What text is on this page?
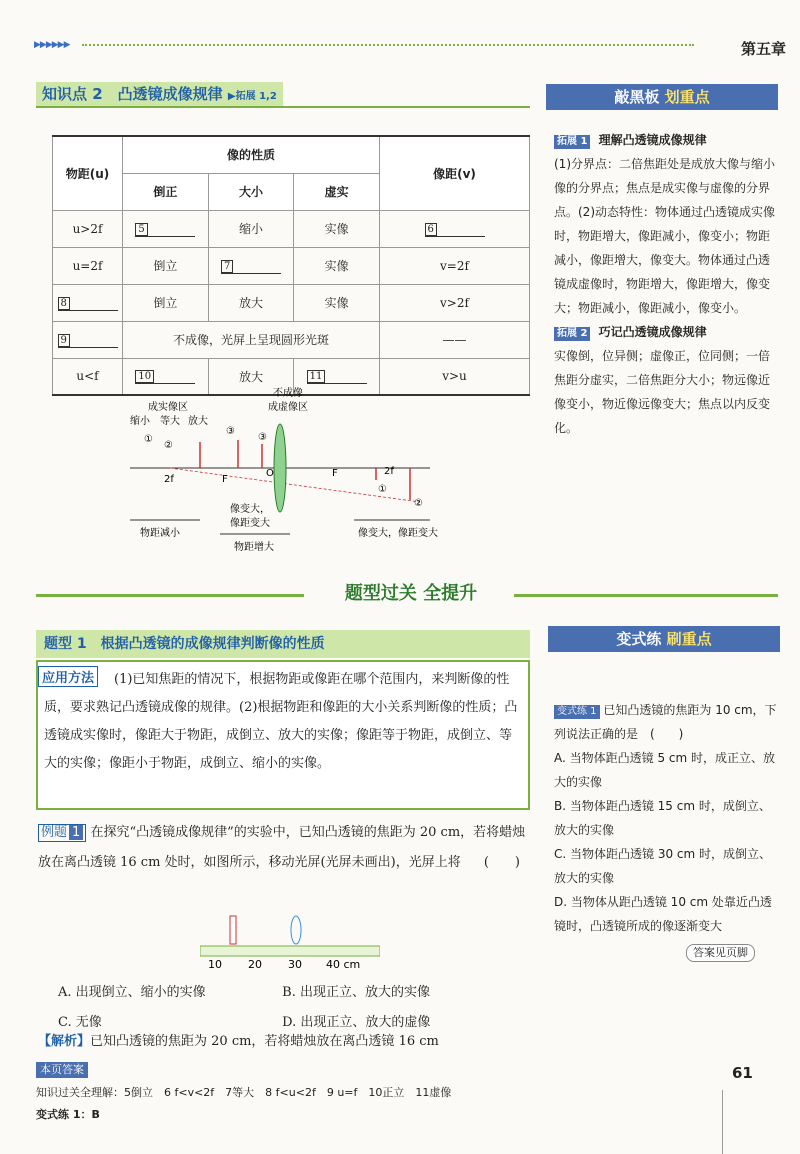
▶▶▶▶▶▶	第五章
知识点 2　凸透镜成像规律 ▶拓展 1,2
物距(u)	像的性质			像距(v)
	倒正	大小	虚实	
u>2f	5	缩小	实像	6
u=2f	倒立	7	实像	v=2f
8	倒立	放大	实像	v>2f
9	不成像，光屏上呈现圆形光斑			——
u<f	10	放大	11	v>u
不成像
成实像区	成虚像区
缩小 等大 放大
①
②
③
③
2f	F
O	F	2f
①
②
物距减小
像变大，
像距变大
物距增大
像变大，像距变大
敲黑板 划重点
拓展 1 理解凸透镜成像规律
(1)分界点：二倍焦距处是成放大像与缩小像的分界点；焦点是成实像与虚像的分界点。(2)动态特性：物体通过凸透镜成实像时，物距增大，像距减小，像变小；物距减小，像距增大，像变大。物体通过凸透镜成虚像时，物距增大，像距增大，像变大；物距减小，像距减小，像变小。
拓展 2 巧记凸透镜成像规律
实像倒，位异侧；虚像正，位同侧；一倍焦距分虚实，二倍焦距分大小；物远像近像变小，物近像远像变大；焦点以内反变化。
题型过关 全提升
题型 1　根据凸透镜的成像规律判断像的性质
(1)已知焦距的情况下，根据物距或像距在哪个范围内，来判断像的性质，要求熟记凸透镜成像的规律。(2)根据物距和像距的大小关系判断像的性质；凸透镜成实像时，像距大于物距，成倒立、放大的实像；像距等于物距，成倒立、等大的实像；像距小于物距，成倒立、缩小的实像。
应用方法
例题 1 在探究“凸透镜成像规律”的实验中，已知凸透镜的焦距为 20 cm，若将蜡烛放在离凸透镜 16 cm 处时，如图所示，移动光屏(光屏未画出)，光屏上将 (　　)
10 20 30 40 cm
A. 出现倒立、缩小的实像	B. 出现正立、放大的实像 C. 无像	D. 出现正立、放大的虚像
【解析】已知凸透镜的焦距为 20 cm，若将蜡烛放在离凸透镜 16 cm
变式练 刷重点
变式练 1 已知凸透镜的焦距为 10 cm，下列说法正确的是　(　　)
A. 当物体距凸透镜 5 cm 时，成正立、放大的实像
B. 当物体距凸透镜 15 cm 时，成倒立、放大的实像
C. 当物体距凸透镜 30 cm 时，成倒立、放大的实像
D. 当物体从距凸透镜 10 cm 处靠近凸透镜时，凸透镜所成的像逐渐变大
答案见页脚
本页答案
知识过关全理解：5倒立　6 f<v<2f　7等大　8 f<u<2f　9 u=f　10正立　11虚像
变式练 1：B
61
